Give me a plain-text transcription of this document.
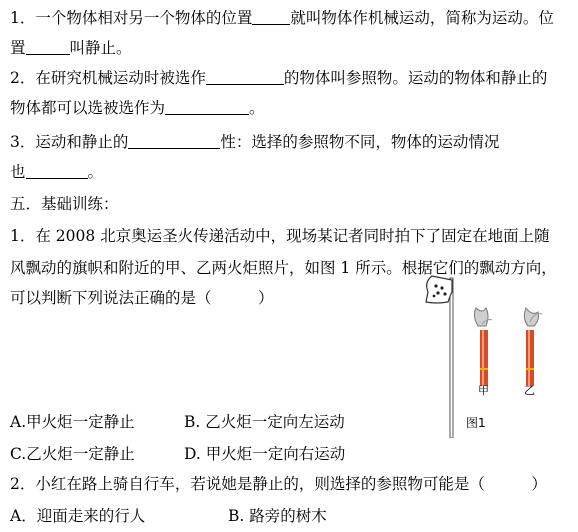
1．一个物体相对另一个物体的位置 就叫物体作机械运动，简称为运动。位
置	叫静止。
2．在研究机械运动时被选作	的物体叫参照物。运动的物体和静止的
物体都可以选被选作为	。
3．运动和静止的	性：选择的参照物不同，物体的运动情况
也	。
五．基础训练：
1．在 2008 北京奥运圣火传递活动中，现场某记者同时拍下了固定在地面上随
风飘动的旗帜和附近的甲、乙两火炬照片，如图 1 所示。根据它们的飘动方向，
可以判断下列说法正确的是（　　　）
A.甲火炬一定静止	B. 乙火炬一定向左运动
C.乙火炬一定静止	D. 甲火炬一定向右运动
2．小红在路上骑自行车，若说她是静止的，则选择的参照物可能是（　　　）
A．迎面走来的行人	B. 路旁的树木
甲	乙
图1
